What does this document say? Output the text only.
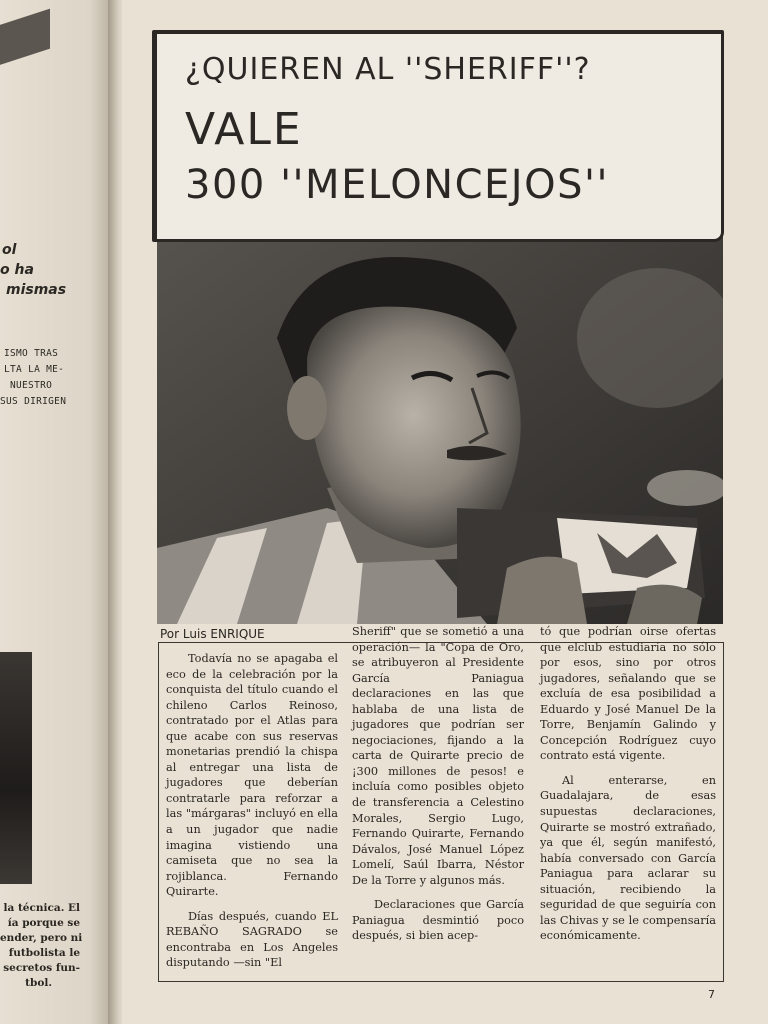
ol
o ha
mismas
ISMO TRAS
LTA LA ME-
NUESTRO
SUS DIRIGEN
la técnica. El
ía porque se
ender, pero ni
futbolista le
secretos fun-
tbol.
¿QUIEREN AL ''SHERIFF''?
VALE
300 ''MELONCEJOS''
Por Luis ENRIQUE

Todavía no se apagaba el eco de la celebración por la conquista del título cuando el chileno Carlos Reinoso, contratado por el Atlas para que acabe con sus reservas monetarias prendió la chispa al entregar una lista de jugadores que deberían contratarle para reforzar a las "márgaras" incluyó en ella a un jugador que nadie imagina vistiendo una camiseta que no sea la rojiblanca. Fernando Quirarte.

Días después, cuando EL REBAÑO SAGRADO se encontraba en Los Angeles disputando —sin "El

Sheriff" que se sometió a una operación— la "Copa de Oro, se atribuyeron al Presidente García Paniagua declaraciones en las que hablaba de una lista de jugadores que podrían ser negociaciones, fijando a la carta de Quirarte precio de ¡300 millones de pesos! e incluía como posibles objeto de transferencia a Celestino Morales, Sergio Lugo, Fernando Quirarte, Fernando Dávalos, José Manuel López Lomelí, Saúl Ibarra, Néstor De la Torre y algunos más.

Declaraciones que García Paniagua desmintió poco después, si bien acep-

tó que podrían oirse ofertas que elclub estudiaría no sólo por esos, sino por otros jugadores, señalando que se excluía de esa posibilidad a Eduardo y José Manuel De la Torre, Benjamín Galindo y Concepción Rodríguez cuyo contrato está vigente.

Al enterarse, en Guadalajara, de esas supuestas declaraciones, Quirarte se mostró extrañado, ya que él, según manifestó, había conversado con García Paniagua para aclarar su situación, recibiendo la seguridad de que seguiría con las Chivas y se le compensaría económicamente.

7
